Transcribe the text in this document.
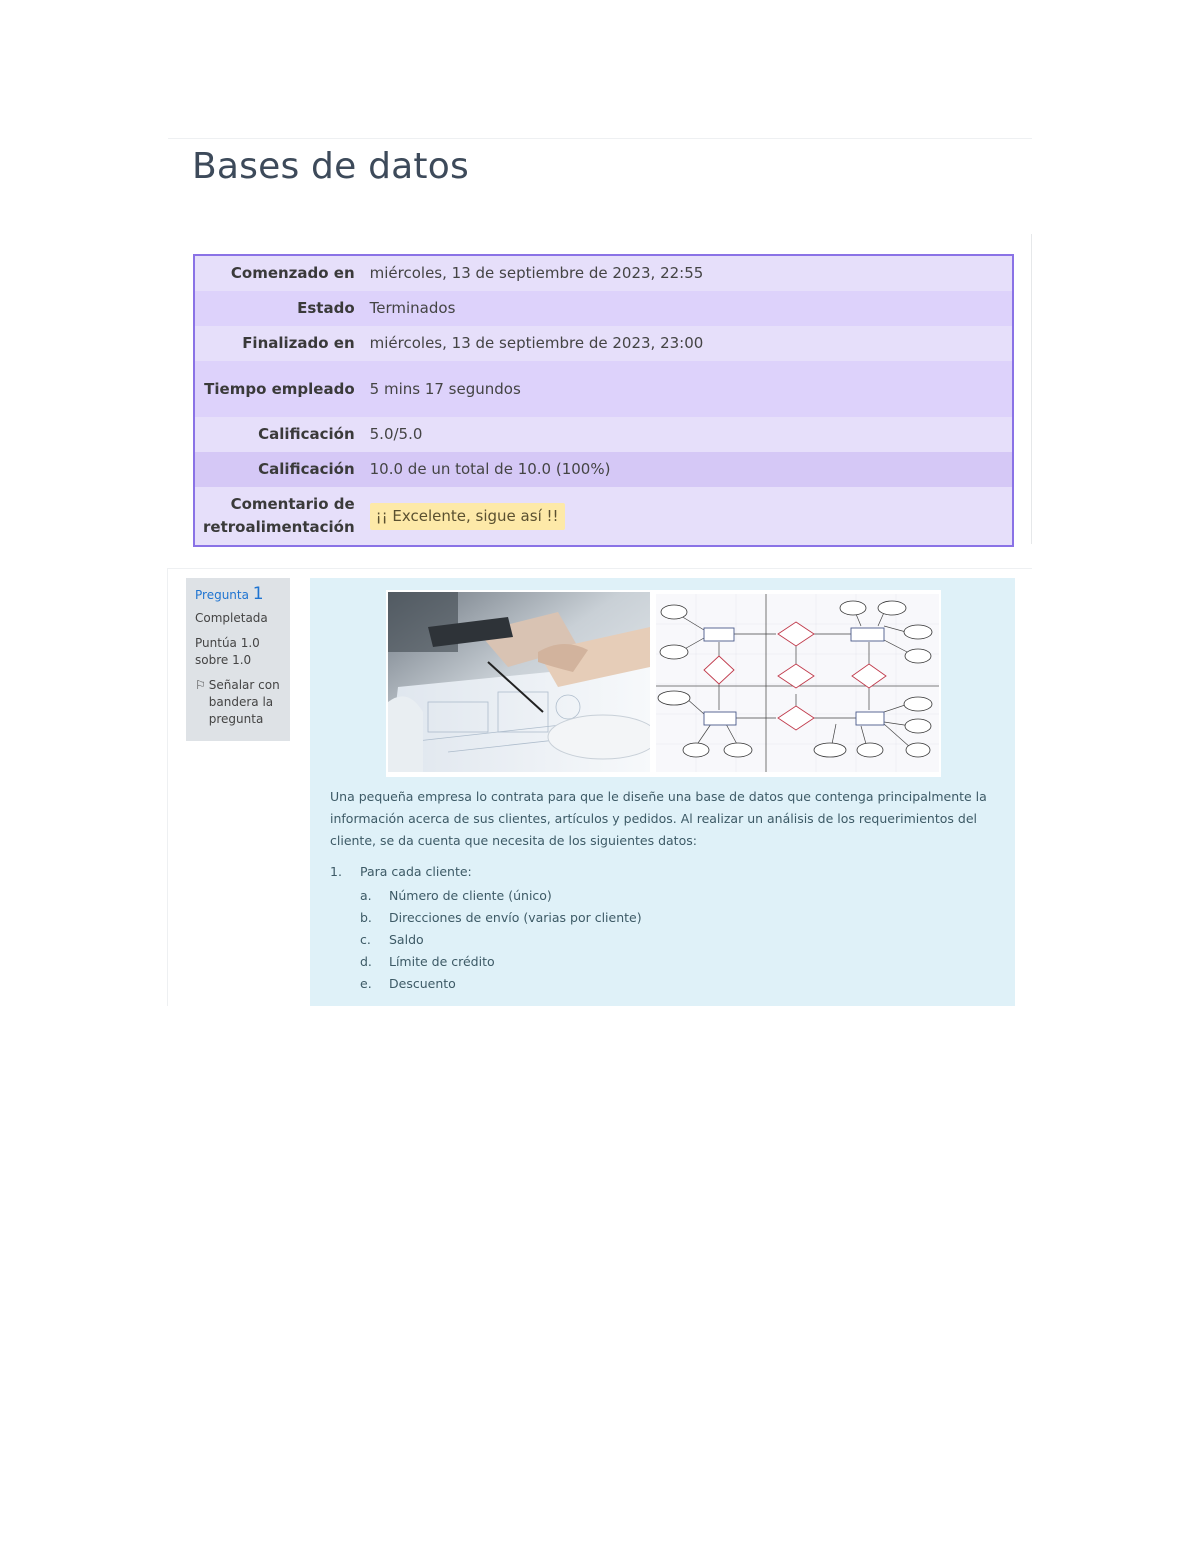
Bases de datos
Comenzado en	miércoles, 13 de septiembre de 2023, 22:55
Estado	Terminados
Finalizado en	miércoles, 13 de septiembre de 2023, 23:00
Tiempo empleado	5 mins 17 segundos
Calificación	5.0/5.0
Calificación	10.0 de un total de 10.0 (100%)
Comentario de retroalimentación	¡¡ Excelente, sigue así !!
Pregunta 1
Completada
Puntúa 1.0 sobre 1.0
⚐ Señalar con bandera la pregunta

Una pequeña empresa lo contrata para que le diseñe una base de datos que contenga principalmente la información acerca de sus clientes, artículos y pedidos. Al realizar un análisis de los requerimientos del cliente, se da cuenta que necesita de los siguientes datos:

1.	Para cada cliente:
a.	Número de cliente (único)
b.	Direcciones de envío (varias por cliente)
c.	Saldo
d.	Límite de crédito
e.	Descuento
